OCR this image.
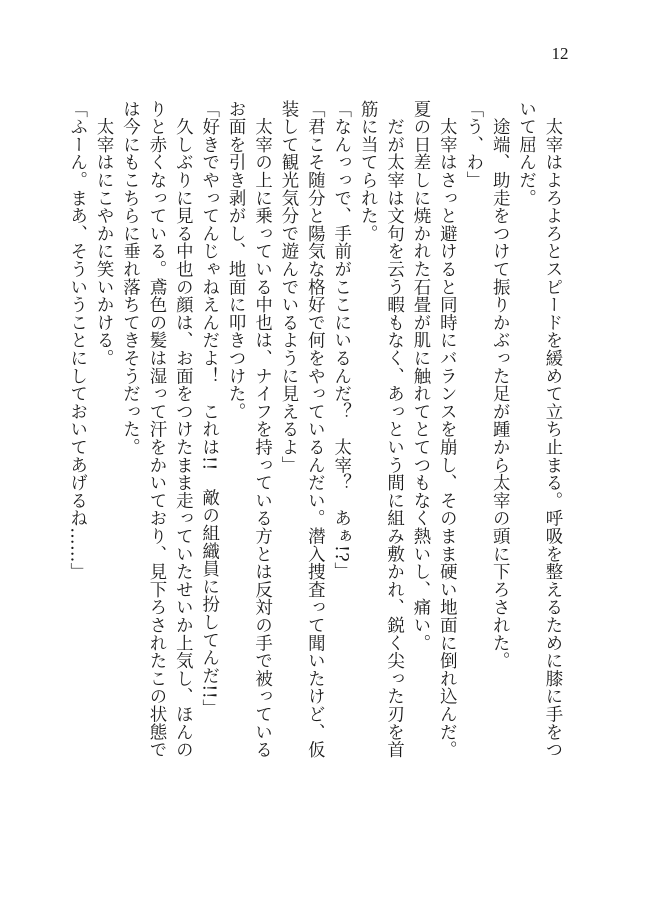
12
　太宰はよろよろとスピードを緩めて立ち止まる。呼吸を整えるために膝に手をつ
いて屈んだ。
　途端、助走をつけて振りかぶった足が踵から太宰の頭に下ろされた。
「う、わ」
　太宰はさっと避けると同時にバランスを崩し、そのまま硬い地面に倒れ込んだ。
夏の日差しに焼かれた石畳が肌に触れてとてつもなく熱いし、痛い。
　だが太宰は文句を云う暇もなく、あっという間に組み敷かれ、鋭く尖った刃を首
筋に当てられた。
「なんっっで、手前がここにいるんだ？　太宰？　あぁ!?」
「君こそ随分と陽気な格好で何をやっているんだい。潜入捜査って聞いたけど、仮
装して観光気分で遊んでいるように見えるよ」
　太宰の上に乗っている中也は、ナイフを持っている方とは反対の手で被っている
お面を引き剥がし、地面に叩きつけた。
「好きでやってんじゃねえんだよ！　これは!!　敵の組織員に扮してんだ!!」
　久しぶりに見る中也の顔は、お面をつけたまま走っていたせいか上気し、ほんの
りと赤くなっている。鳶色の髪は湿って汗をかいており、見下ろされたこの状態で
は今にもこちらに垂れ落ちてきそうだった。
　太宰はにこやかに笑いかける。
「ふーん。まあ、そういうことにしておいてあげるね……」
